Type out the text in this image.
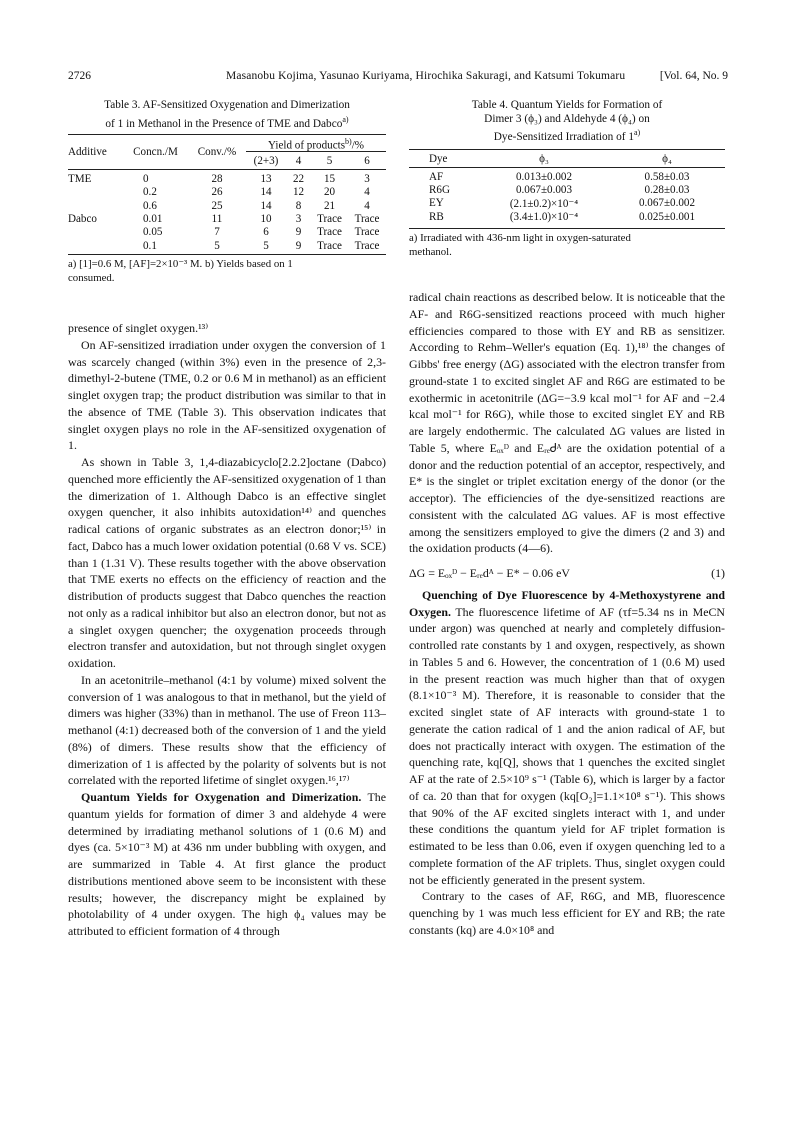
2726	Masanobu Kojima, Yasunao Kuriyama, Hirochika Sakuragi, and Katsumi Tokumaru	[Vol. 64, No. 9
Table 3. AF-Sensitized Oxygenation and Dimerization
of 1 in Methanol in the Presence of TME and Dabco$^{a)}$
Additive	Concn./M	Conv./%	Yield of products$^{b)}$/%			
			(2+3)	4	5	6
TME	0	28	13	22	15	3
	0.2	26	14	12	20	4
	0.6	25	14	8	21	4
Dabco	0.01	11	10	3	Trace	Trace
	0.05	7	6	9	Trace	Trace
	0.1	5	5	9	Trace	Trace
a) [1]=0.6 M, [AF]=2×10⁻³ M. b) Yields based on 1
consumed.
Table 4. Quantum Yields for Formation of
Dimer 3 (ϕ₃) and Aldehyde 4 (ϕ₄) on
Dye-Sensitized Irradiation of 1$^{a)}$
Dye	ϕ₃	ϕ₄
AF	0.013±0.002	0.58±0.03
R6G	0.067±0.003	0.28±0.03
EY	(2.1±0.2)×10⁻⁴	0.067±0.002
RB	(3.4±1.0)×10⁻⁴	0.025±0.001
a) Irradiated with 436-nm light in oxygen-saturated
methanol.

presence of singlet oxygen.¹³⁾

On AF-sensitized irradiation under oxygen the conversion of 1 was scarcely changed (within 3%) even in the presence of 2,3-dimethyl-2-butene (TME, 0.2 or 0.6 M in methanol) as an efficient singlet oxygen trap; the product distribution was similar to that in the absence of TME (Table 3). This observation indicates that singlet oxygen plays no role in the AF-sensitized oxygenation of 1.

As shown in Table 3, 1,4-diazabicyclo[2.2.2]octane (Dabco) quenched more efficiently the AF-sensitized oxygenation of 1 than the dimerization of 1. Although Dabco is an effective singlet oxygen quencher, it also inhibits autoxidation¹⁴⁾ and quenches radical cations of organic substrates as an electron donor;¹⁵⁾ in fact, Dabco has a much lower oxidation potential (0.68 V vs. SCE) than 1 (1.31 V). These results together with the above observation that TME exerts no effects on the efficiency of reaction and the distribution of products suggest that Dabco quenches the reaction not only as a radical inhibitor but also an electron donor, but not as a singlet oxygen quencher; the oxygenation proceeds through electron transfer and autoxidation, but not through singlet oxygen oxidation.

In an acetonitrile–methanol (4:1 by volume) mixed solvent the conversion of 1 was analogous to that in methanol, but the yield of dimers was higher (33%) than in methanol. The use of Freon 113–methanol (4:1) decreased both of the conversion of 1 and the yield (8%) of dimers. These results show that the efficiency of dimerization of 1 is affected by the polarity of solvents but is not correlated with the reported lifetime of singlet oxygen.¹⁶,¹⁷⁾

Quantum Yields for Oxygenation and Dimerization. The quantum yields for formation of dimer 3 and aldehyde 4 were determined by irradiating methanol solutions of 1 (0.6 M) and dyes (ca. 5×10⁻³ M) at 436 nm under bubbling with oxygen, and are summarized in Table 4. At first glance the product distributions mentioned above seem to be inconsistent with these results; however, the discrepancy might be explained by photolability of 4 under oxygen. The high ϕ₄ values may be attributed to efficient formation of 4 through

radical chain reactions as described below. It is noticeable that the AF- and R6G-sensitized reactions proceed with much higher efficiencies compared to those with EY and RB as sensitizer. According to Rehm–Weller's equation (Eq. 1),¹⁸⁾ the changes of Gibbs' free energy (ΔG) associated with the electron transfer from ground-state 1 to excited singlet AF and R6G are estimated to be exothermic in acetonitrile (ΔG=−3.9 kcal mol⁻¹ for AF and −2.4 kcal mol⁻¹ for R6G), while those to excited singlet EY and RB are largely endothermic. The calculated ΔG values are listed in Table 5, where Eₒₓᴰ and EᵣₑᏧᴬ are the oxidation potential of a donor and the reduction potential of an acceptor, respectively, and E* is the singlet or triplet excitation energy of the donor (or the acceptor). The efficiencies of the dye-sensitized reactions are consistent with the calculated ΔG values. AF is most effective among the sensitizers employed to give the dimers (2 and 3) and the oxidation products (4—6).

ΔG = Eₒₓᴰ − Eᵣₑdᴬ − E* − 0.06 eV	(1)

Quenching of Dye Fluorescence by 4-Methoxystyrene and Oxygen. The fluorescence lifetime of AF (τf=5.34 ns in MeCN under argon) was quenched at nearly and completely diffusion-controlled rate constants by 1 and oxygen, respectively, as shown in Tables 5 and 6. However, the concentration of 1 (0.6 M) used in the present reaction was much higher than that of oxygen (8.1×10⁻³ M). Therefore, it is reasonable to consider that the excited singlet state of AF interacts with ground-state 1 to generate the cation radical of 1 and the anion radical of AF, but does not practically interact with oxygen. The estimation of the quenching rate, kq[Q], shows that 1 quenches the excited singlet AF at the rate of 2.5×10⁹ s⁻¹ (Table 6), which is larger by a factor of ca. 20 than that for oxygen (kq[O₂]=1.1×10⁸ s⁻¹). This shows that 90% of the AF excited singlets interact with 1, and under these conditions the quantum yield for AF triplet formation is estimated to be less than 0.06, even if oxygen quenching led to a complete formation of the AF triplets. Thus, singlet oxygen could not be efficiently generated in the present system.

Contrary to the cases of AF, R6G, and MB, fluorescence quenching by 1 was much less efficient for EY and RB; the rate constants (kq) are 4.0×10⁸ and
